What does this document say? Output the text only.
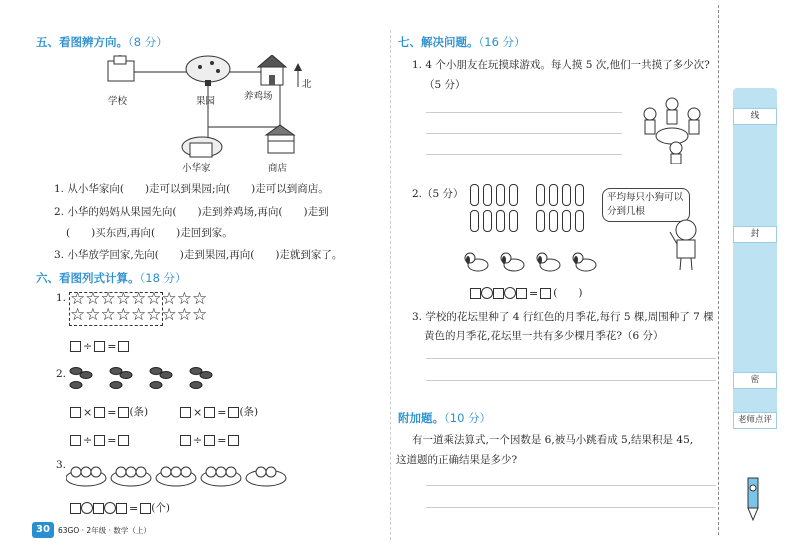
五、看图辨方向。（8 分）
学校	果园	养鸡场
北
小华家	商店
1. 从小华家向(　　)走可以到果园;向(　　)走可以到商店。
2. 小华的妈妈从果园先向(　　)走到养鸡场,再向(　　)走到
(　　)买东西,再向(　　)走回到家。
3. 小华放学回家,先向(　　)走到果园,再向(　　)走就到家了。
六、看图列式计算。（18 分）
1. ☆☆☆☆☆☆☆☆☆
☆☆☆☆☆☆☆☆☆
÷ =
2.
× = (条)	× = (条)
÷ =	÷ =
3.
= (个)
30	63GO · 2年级 · 数学（上）
七、解决问题。（16 分）
1. 4 个小朋友在玩摸球游戏。每人摸 5 次,他们一共摸了多少次?
（5 分）
2.（5 分）	平均每只小狗可以分到几根
= (　　)
3. 学校的花坛里种了 4 行红色的月季花,每行 5 棵,周围种了 7 棵
黄色的月季花,花坛里一共有多少棵月季花?（6 分）
附加题。（10 分）
有一道乘法算式,一个因数是 6,被马小跳看成 5,结果积是 45,
这道题的正确结果是多少?
线
封
密
老师点评
